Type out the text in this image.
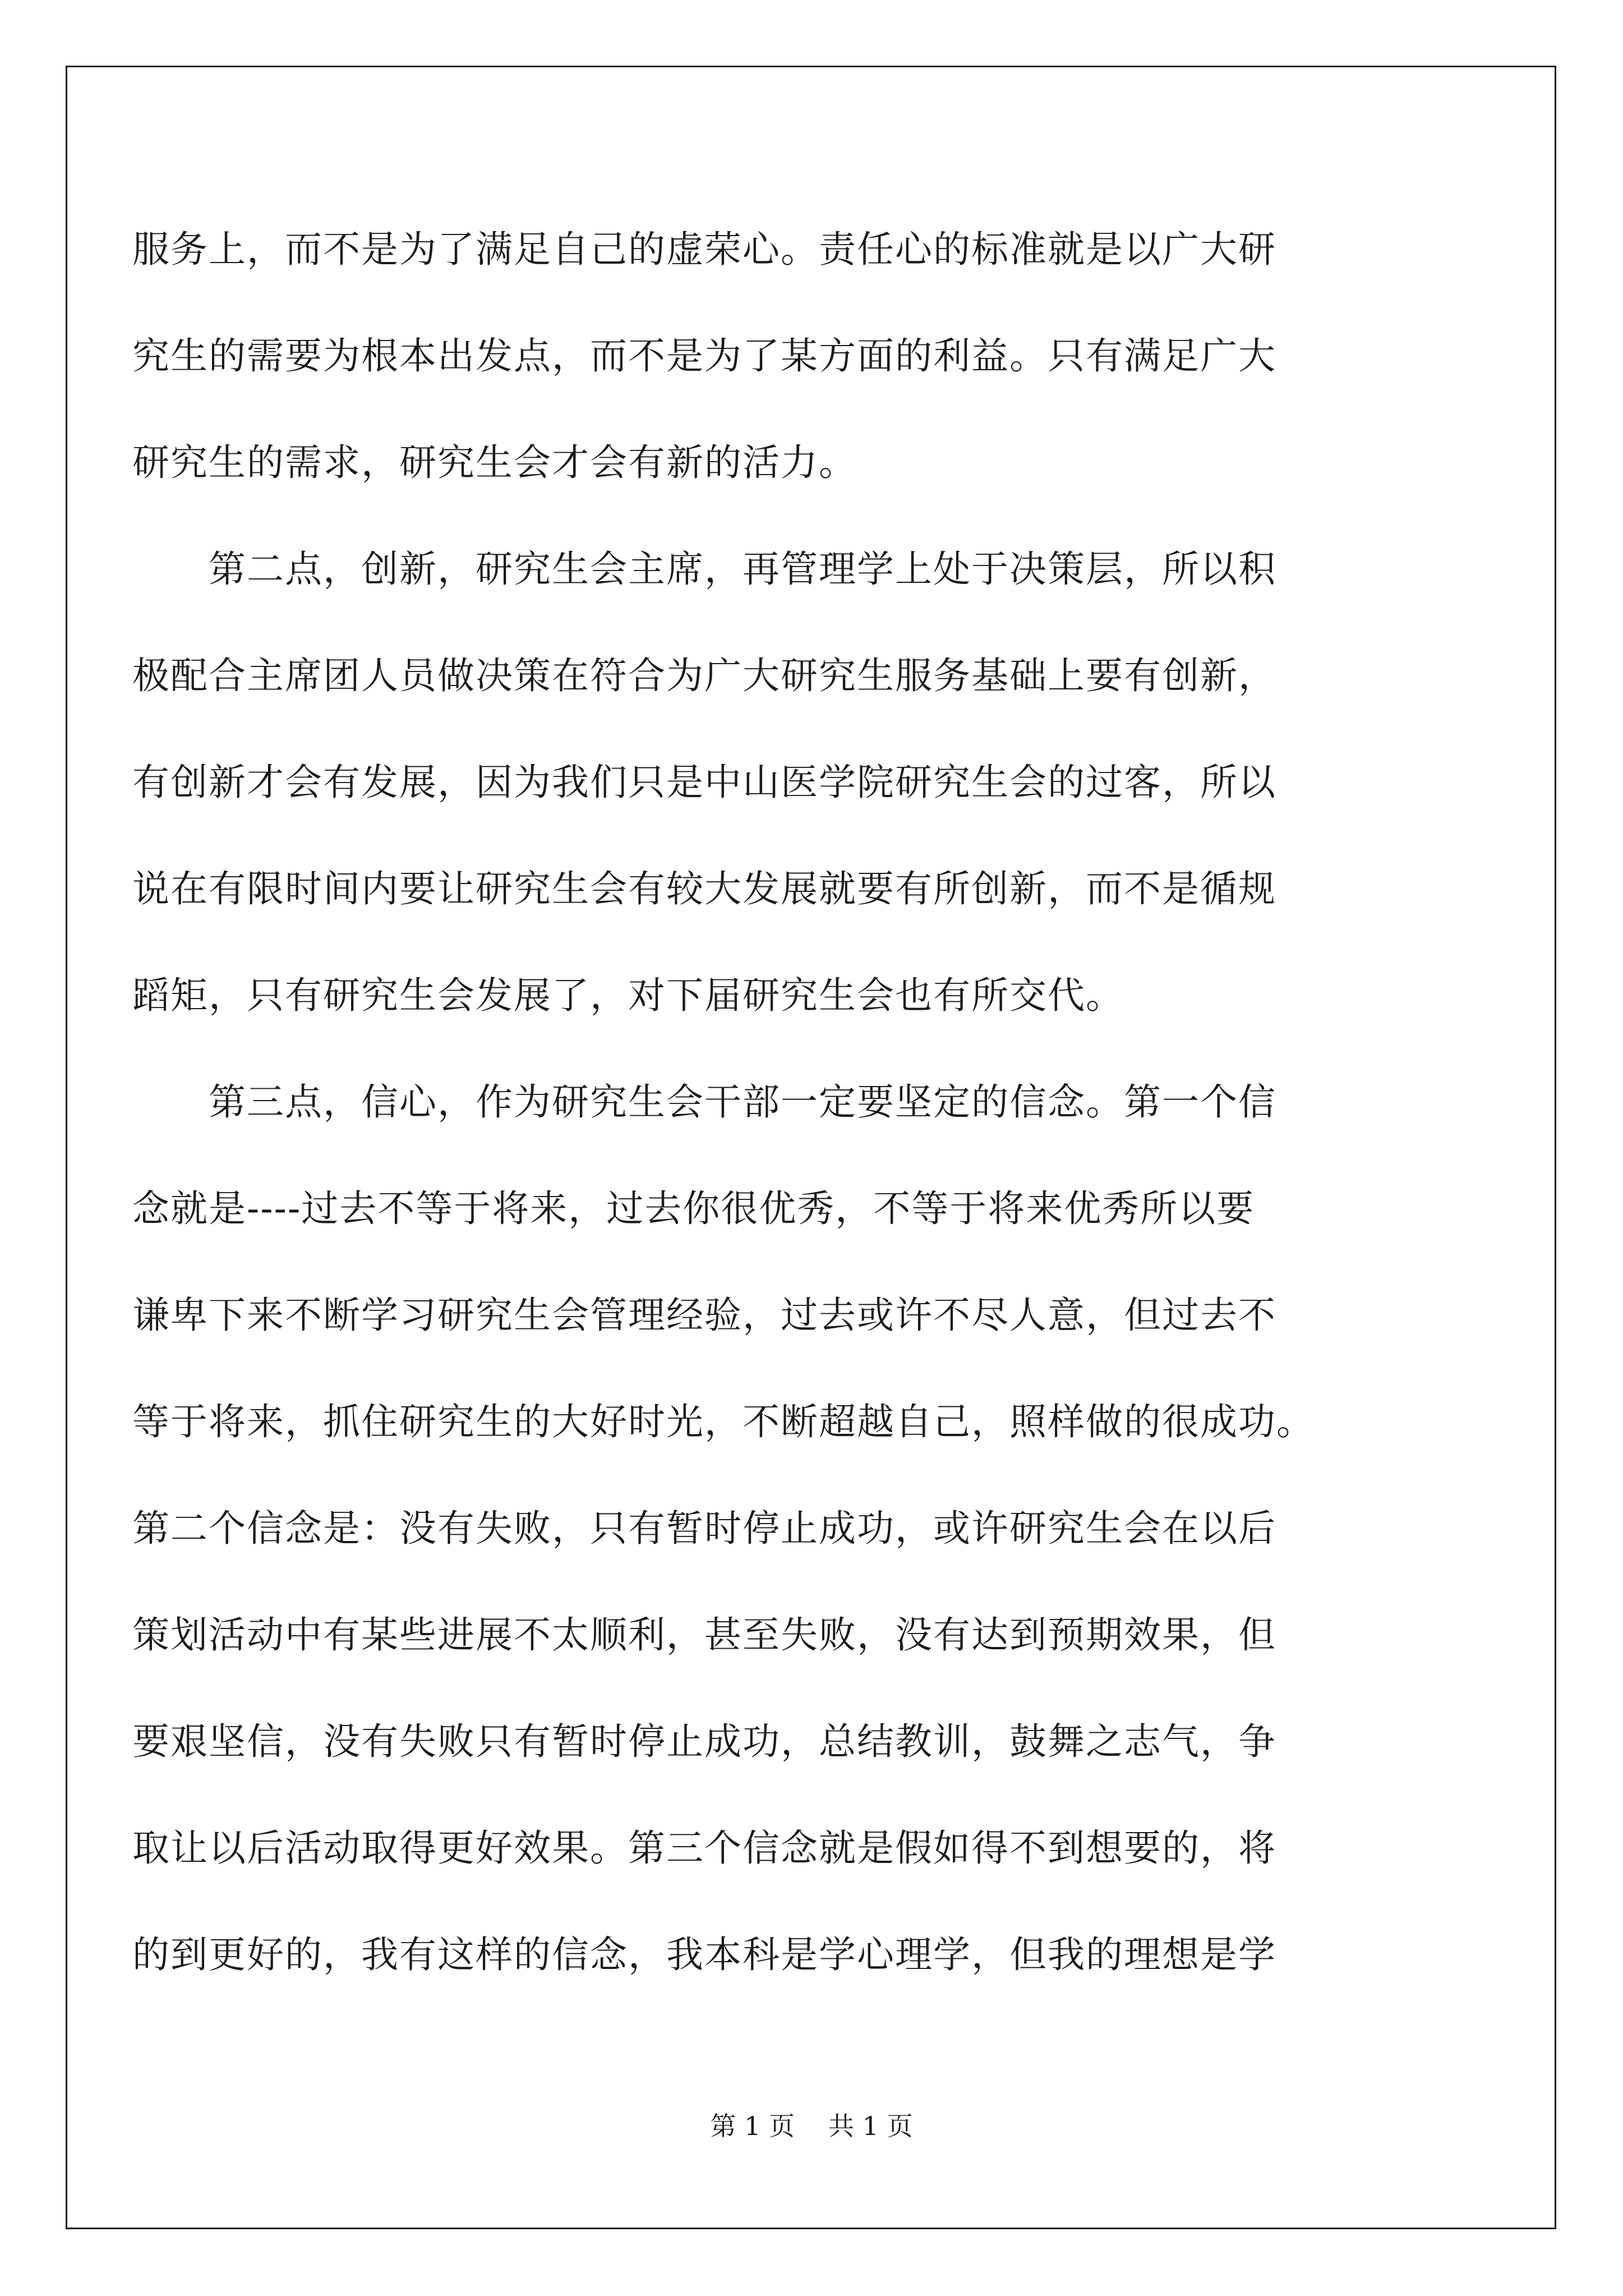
服务上，而不是为了满足自己的虚荣心。责任心的标准就是以广大研
究生的需要为根本出发点，而不是为了某方面的利益。只有满足广大
研究生的需求，研究生会才会有新的活力。
　　第二点，创新，研究生会主席，再管理学上处于决策层，所以积
极配合主席团人员做决策在符合为广大研究生服务基础上要有创新，
有创新才会有发展，因为我们只是中山医学院研究生会的过客，所以
说在有限时间内要让研究生会有较大发展就要有所创新，而不是循规
蹈矩，只有研究生会发展了，对下届研究生会也有所交代。
　　第三点，信心，作为研究生会干部一定要坚定的信念。第一个信
念就是----过去不等于将来，过去你很优秀，不等于将来优秀所以要
谦卑下来不断学习研究生会管理经验，过去或许不尽人意，但过去不
等于将来，抓住研究生的大好时光，不断超越自己，照样做的很成功。
第二个信念是：没有失败，只有暂时停止成功，或许研究生会在以后
策划活动中有某些进展不太顺利，甚至失败，没有达到预期效果，但
要艰坚信，没有失败只有暂时停止成功，总结教训，鼓舞之志气，争
取让以后活动取得更好效果。第三个信念就是假如得不到想要的，将
的到更好的，我有这样的信念，我本科是学心理学，但我的理想是学
第 1 页 共 1 页
